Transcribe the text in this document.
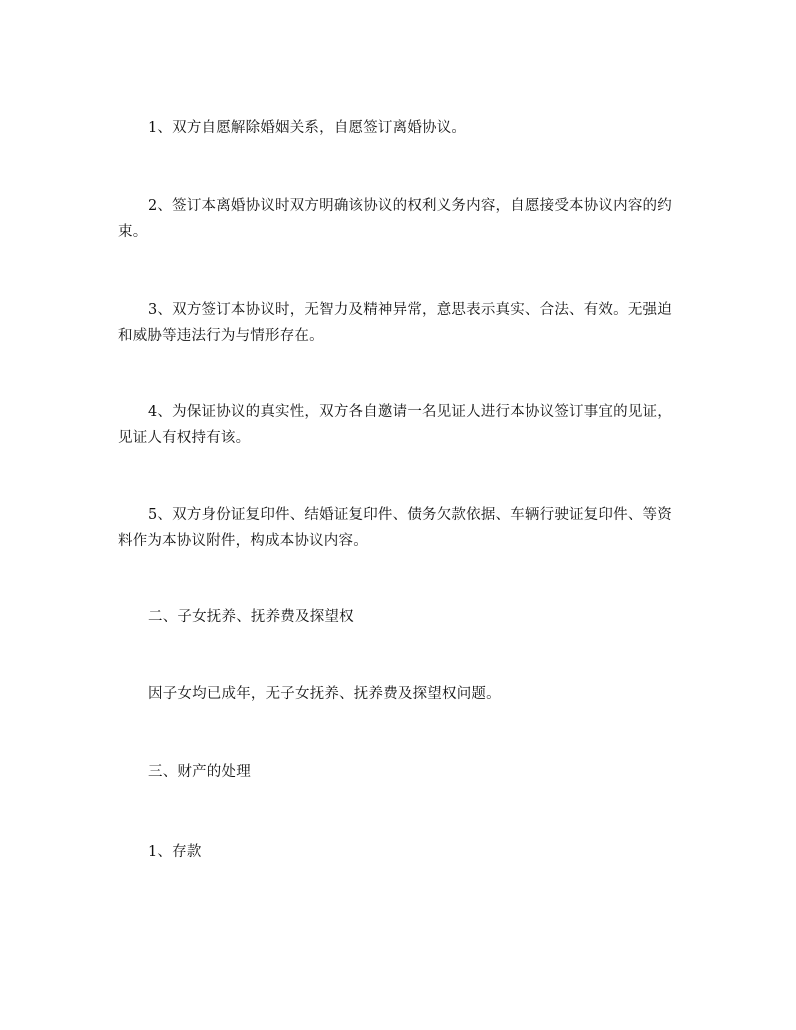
1、双方自愿解除婚姻关系，自愿签订离婚协议。

2、签订本离婚协议时双方明确该协议的权利义务内容，自愿接受本协议内容的约束。

3、双方签订本协议时，无智力及精神异常，意思表示真实、合法、有效。无强迫和威胁等违法行为与情形存在。

4、为保证协议的真实性，双方各自邀请一名见证人进行本协议签订事宜的见证，见证人有权持有该。

5、双方身份证复印件、结婚证复印件、债务欠款依据、车辆行驶证复印件、等资料作为本协议附件，构成本协议内容。

二、子女抚养、抚养费及探望权

因子女均已成年，无子女抚养、抚养费及探望权问题。

三、财产的处理

1、存款
